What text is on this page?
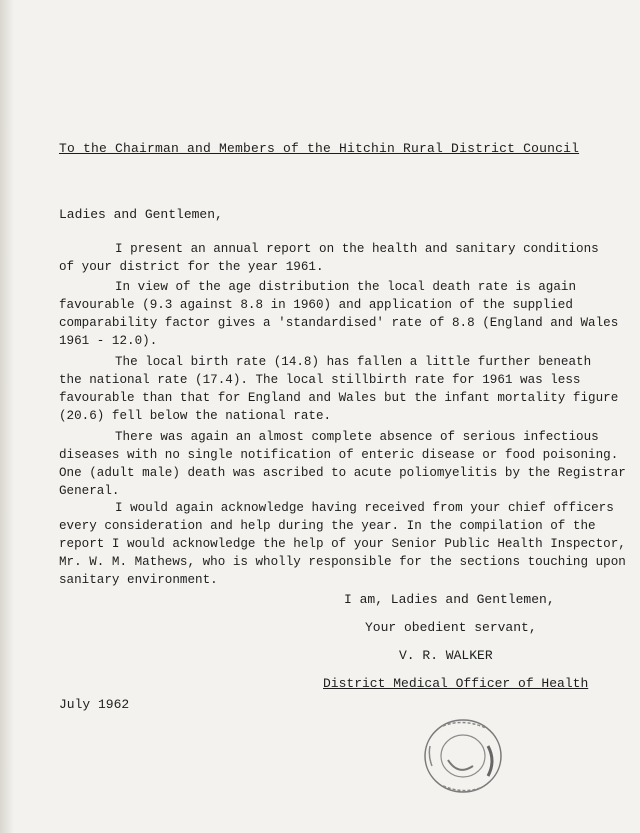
To the Chairman and Members of the Hitchin Rural District Council
Ladies and Gentlemen,
I present an annual report on the health and sanitary conditions
of your district for the year 1961.
In view of the age distribution the local death rate is again
favourable (9.3 against 8.8 in 1960) and application of the supplied
comparability factor gives a 'standardised' rate of 8.8 (England and Wales
1961 - 12.0).
The local birth rate (14.8) has fallen a little further beneath
the national rate (17.4). The local stillbirth rate for 1961 was less
favourable than that for England and Wales but the infant mortality figure
(20.6) fell below the national rate.
There was again an almost complete absence of serious infectious
diseases with no single notification of enteric disease or food poisoning.
One (adult male) death was ascribed to acute poliomyelitis by the Registrar
General.
I would again acknowledge having received from your chief officers
every consideration and help during the year. In the compilation of the
report I would acknowledge the help of your Senior Public Health Inspector,
Mr. W. M. Mathews, who is wholly responsible for the sections touching upon
sanitary environment.
I am, Ladies and Gentlemen,
Your obedient servant,
V. R. WALKER
District Medical Officer of Health
July 1962
